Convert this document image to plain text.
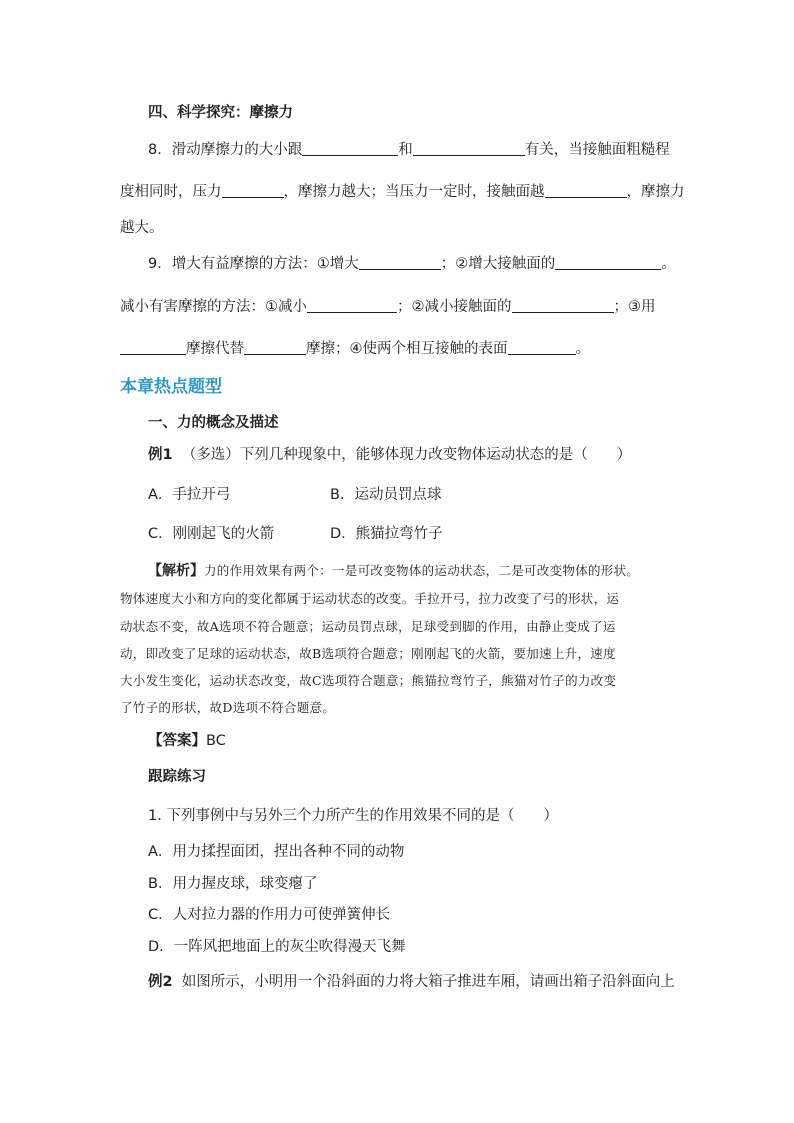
四、科学探究：摩擦力
8．滑动摩擦力的大小跟	和	有关，当接触面粗糙程
度相同时，压力	，摩擦力越大；当压力一定时，接触面越	，摩擦力
越大。
9．增大有益摩擦的方法：①增大	；②增大接触面的	。
减小有害摩擦的方法：①减小	；②减小接触面的	；③用
摩擦代替	摩擦；④使两个相互接触的表面	。
本章热点题型
一、力的概念及描述
例1 （多选）下列几种现象中，能够体现力改变物体运动状态的是（　　）
A．手拉开弓	B．运动员罚点球
C．刚刚起飞的火箭	D．熊猫拉弯竹子
【解析】力的作用效果有两个：一是可改变物体的运动状态，二是可改变物体的形状。
物体速度大小和方向的变化都属于运动状态的改变。手拉开弓，拉力改变了弓的形状，运
动状态不变，故A选项不符合题意；运动员罚点球，足球受到脚的作用，由静止变成了运
动，即改变了足球的运动状态，故B选项符合题意；刚刚起飞的火箭，要加速上升，速度
大小发生变化，运动状态改变，故C选项符合题意；熊猫拉弯竹子，熊猫对竹子的力改变
了竹子的形状，故D选项不符合题意。
【答案】BC
跟踪练习
1. 下列事例中与另外三个力所产生的作用效果不同的是（　　）
A．用力揉捏面团，捏出各种不同的动物
B．用力握皮球，球变瘪了
C．人对拉力器的作用力可使弹簧伸长
D．一阵风把地面上的灰尘吹得漫天飞舞
例2 如图所示，小明用一个沿斜面的力将大箱子推进车厢，请画出箱子沿斜面向上
